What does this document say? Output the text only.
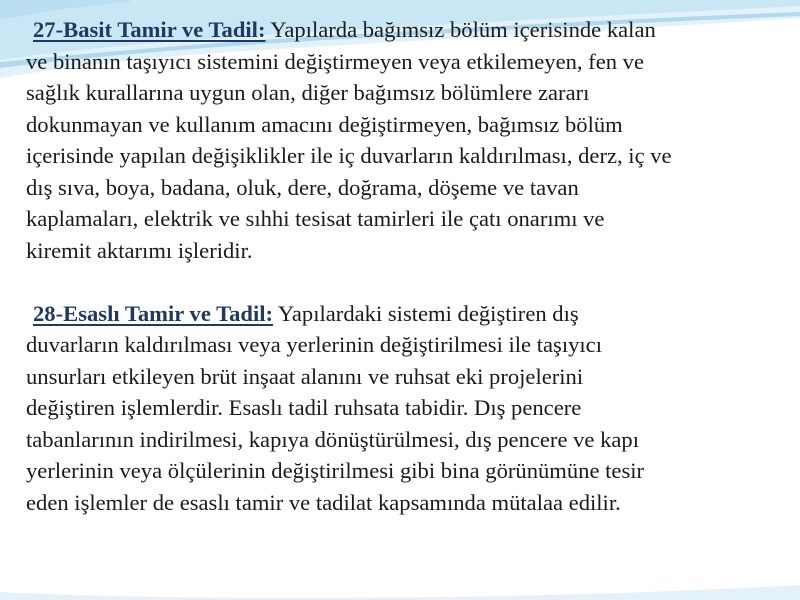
27-Basit Tamir ve Tadil: Yapılarda bağımsız bölüm içerisinde kalan
ve binanın taşıyıcı sistemini değiştirmeyen veya etkilemeyen, fen ve
sağlık kurallarına uygun olan, diğer bağımsız bölümlere zararı
dokunmayan ve kullanım amacını değiştirmeyen, bağımsız bölüm
içerisinde yapılan değişiklikler ile iç duvarların kaldırılması, derz, iç ve
dış sıva, boya, badana, oluk, dere, doğrama, döşeme ve tavan
kaplamaları, elektrik ve sıhhi tesisat tamirleri ile çatı onarımı ve
kiremit aktarımı işleridir.

28-Esaslı Tamir ve Tadil: Yapılardaki sistemi değiştiren dış
duvarların kaldırılması veya yerlerinin değiştirilmesi ile taşıyıcı
unsurları etkileyen brüt inşaat alanını ve ruhsat eki projelerini
değiştiren işlemlerdir. Esaslı tadil ruhsata tabidir. Dış pencere
tabanlarının indirilmesi, kapıya dönüştürülmesi, dış pencere ve kapı
yerlerinin veya ölçülerinin değiştirilmesi gibi bina görünümüne tesir
eden işlemler de esaslı tamir ve tadilat kapsamında mütalaa edilir.
